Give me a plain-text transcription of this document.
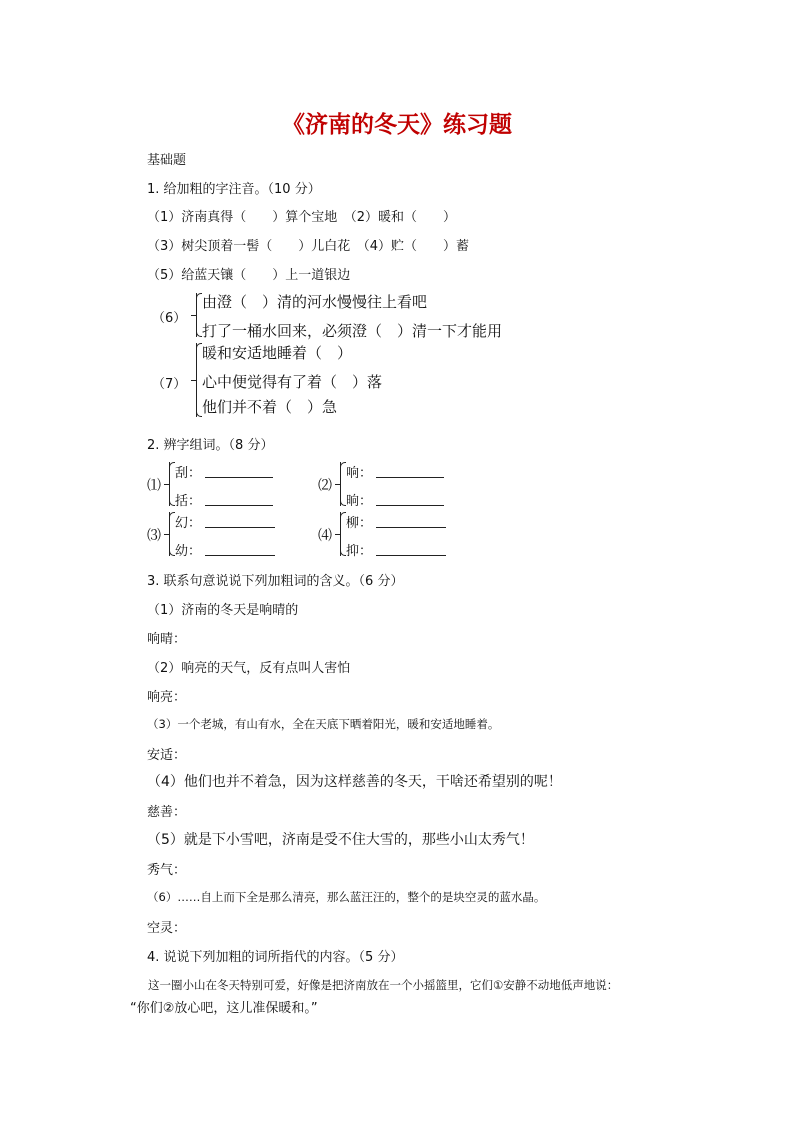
《济南的冬天》练习题
基础题
1. 给加粗的字注音。（10 分）
（1）济南真得（　　）算个宝地　（2）暖和（　　）
（3）树尖顶着一髻（　　）儿白花　（4）贮（　　）蓄
（5）给蓝天镶（　　）上一道银边
（6）
由澄（　）清的河水慢慢往上看吧
打了一桶水回来，必须澄（　）清一下才能用
（7）
暖和安适地睡着（　）
心中便觉得有了着（　）落
他们并不着（　）急
2. 辨字组词。（8 分）
⑴
刮：
括：
⑵
响：
晌：
⑶
幻：
幼：
⑷
柳：
抑：
3. 联系句意说说下列加粗词的含义。（6 分）
（1）济南的冬天是响晴的
响晴：
（2）响亮的天气，反有点叫人害怕
响亮：
（3）一个老城，有山有水，全在天底下晒着阳光，暖和安适地睡着。
安适：
（4）他们也并不着急，因为这样慈善的冬天，干啥还希望别的呢！
慈善：
（5）就是下小雪吧，济南是受不住大雪的，那些小山太秀气！
秀气：
（6）……自上而下全是那么清亮，那么蓝汪汪的，整个的是块空灵的蓝水晶。
空灵：
4. 说说下列加粗的词所指代的内容。（5 分）
这一圈小山在冬天特别可爱，好像是把济南放在一个小摇篮里，它们①安静不动地低声地说：
“你们②放心吧，这儿准保暖和。”
